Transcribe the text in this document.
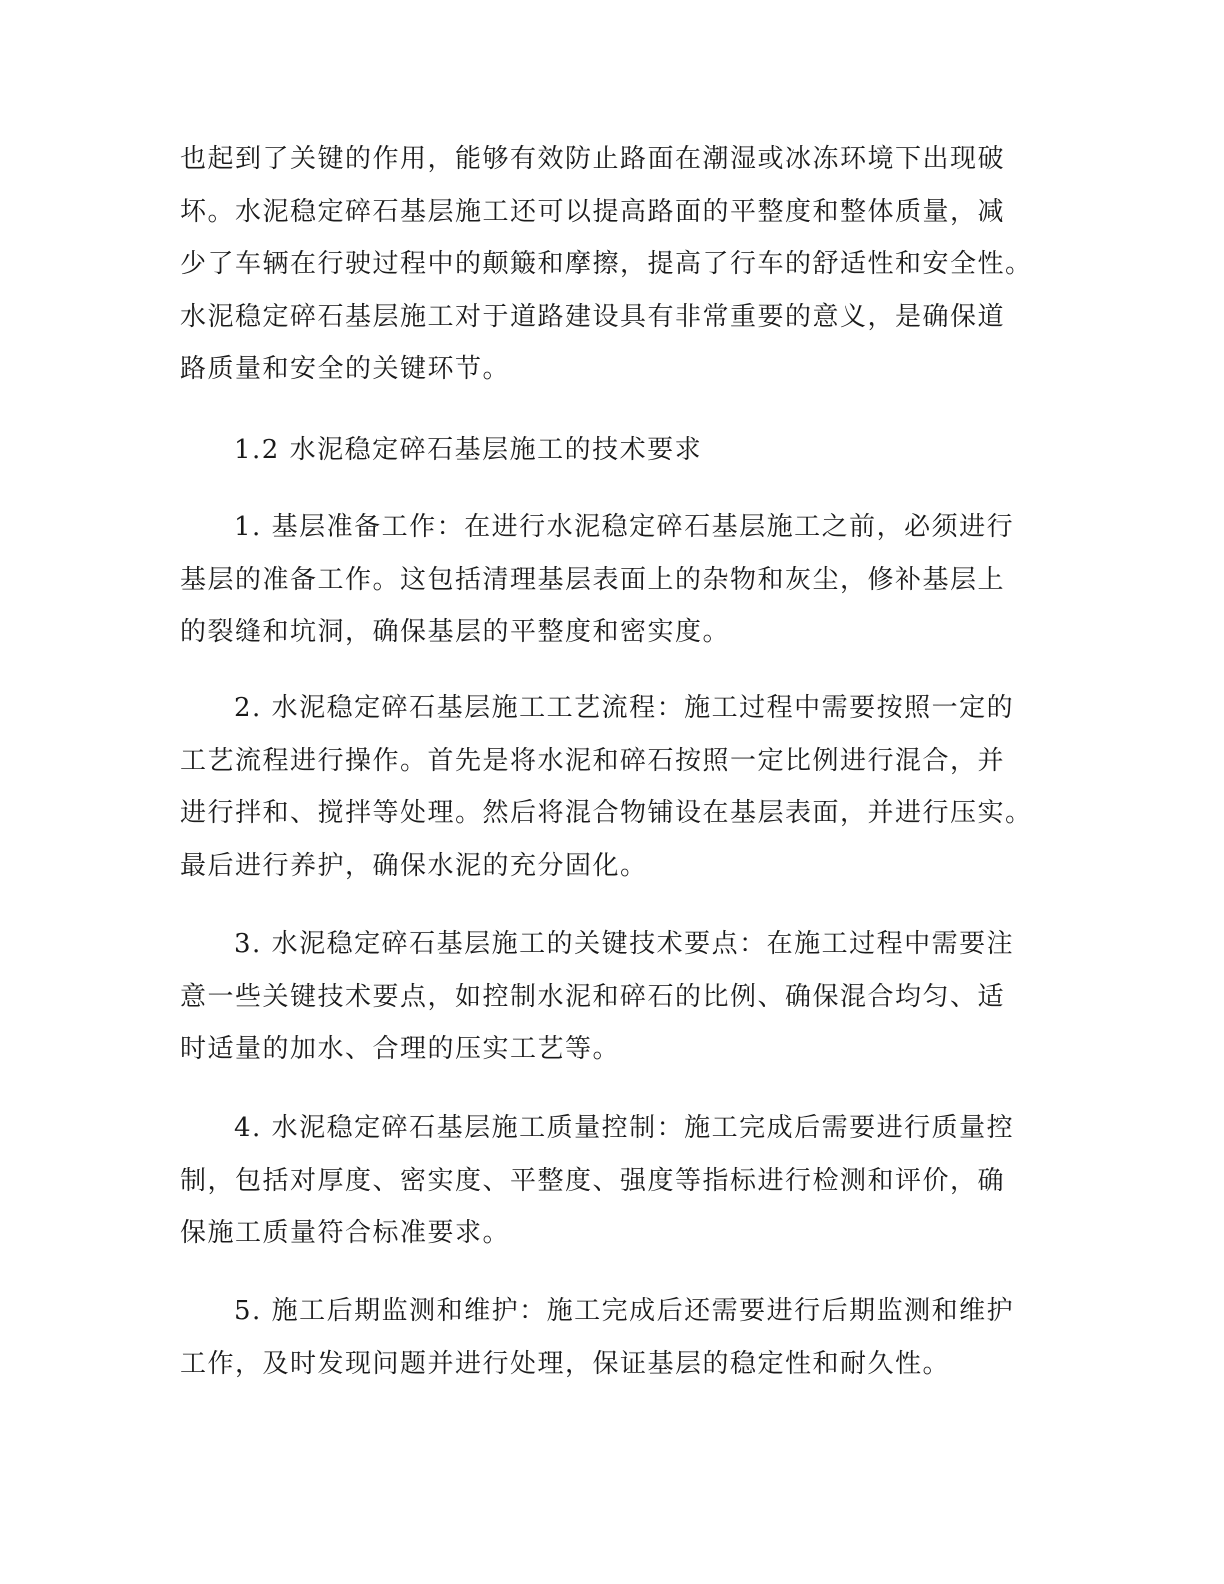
也起到了关键的作用，能够有效防止路面在潮湿或冰冻环境下出现破
坏。水泥稳定碎石基层施工还可以提高路面的平整度和整体质量，减
少了车辆在行驶过程中的颠簸和摩擦，提高了行车的舒适性和安全性。
水泥稳定碎石基层施工对于道路建设具有非常重要的意义，是确保道
路质量和安全的关键环节。
1.2 水泥稳定碎石基层施工的技术要求
1. 基层准备工作：在进行水泥稳定碎石基层施工之前，必须进行
基层的准备工作。这包括清理基层表面上的杂物和灰尘，修补基层上
的裂缝和坑洞，确保基层的平整度和密实度。
2. 水泥稳定碎石基层施工工艺流程：施工过程中需要按照一定的
工艺流程进行操作。首先是将水泥和碎石按照一定比例进行混合，并
进行拌和、搅拌等处理。然后将混合物铺设在基层表面，并进行压实。
最后进行养护，确保水泥的充分固化。
3. 水泥稳定碎石基层施工的关键技术要点：在施工过程中需要注
意一些关键技术要点，如控制水泥和碎石的比例、确保混合均匀、适
时适量的加水、合理的压实工艺等。
4. 水泥稳定碎石基层施工质量控制：施工完成后需要进行质量控
制，包括对厚度、密实度、平整度、强度等指标进行检测和评价，确
保施工质量符合标准要求。
5. 施工后期监测和维护：施工完成后还需要进行后期监测和维护
工作，及时发现问题并进行处理，保证基层的稳定性和耐久性。
